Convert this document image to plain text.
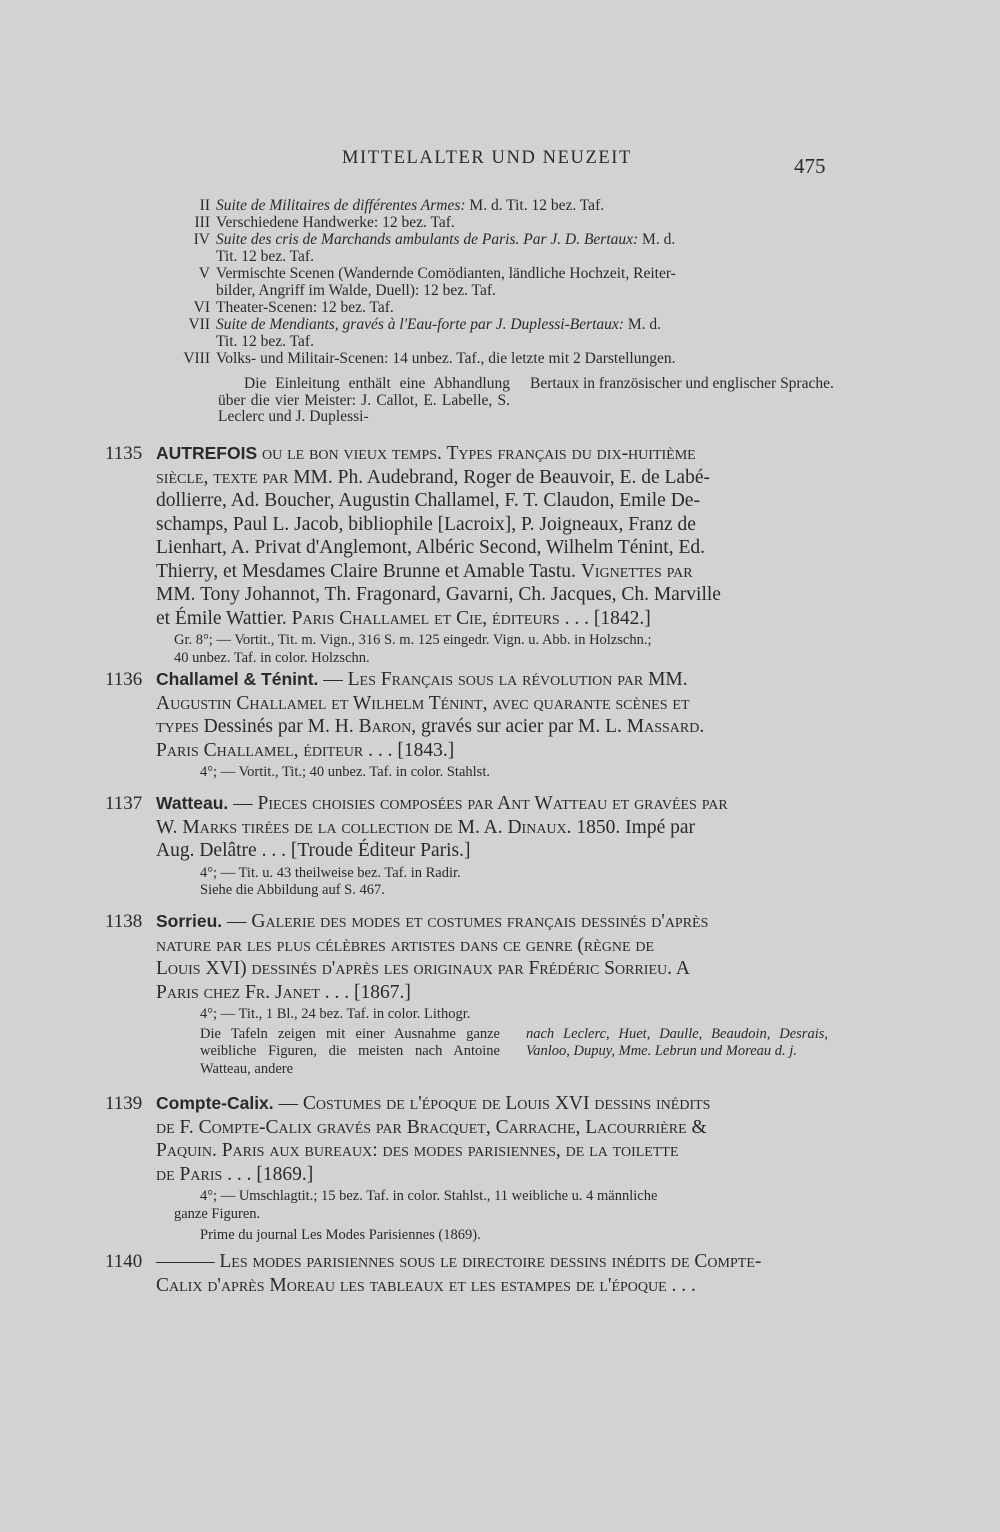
MITTELALTER UND NEUZEIT	475
II Suite de Militaires de différentes Armes: M. d. Tit. 12 bez. Taf.
III Verschiedene Handwerke: 12 bez. Taf.
IV Suite des cris de Marchands ambulants de Paris. Par J. D. Bertaux: M. d.
Tit. 12 bez. Taf.
V Vermischte Scenen (Wandernde Comödianten, ländliche Hochzeit, Reiter-
bilder, Angriff im Walde, Duell): 12 bez. Taf.
VI Theater-Scenen: 12 bez. Taf.
VII Suite de Mendiants, gravés à l'Eau-forte par J. Duplessi-Bertaux: M. d.
Tit. 12 bez. Taf.
VIII Volks- und Militair-Scenen: 14 unbez. Taf., die letzte mit 2 Darstellungen.
Die Einleitung enthält eine Abhandlung über die vier Meister: J. Callot, E. Labelle, S. Leclerc und J. Duplessi-
Bertaux in französischer und englischer Sprache.
1135 AUTREFOIS ou le bon vieux temps. Types français du dix-huitième
siècle, texte par MM. Ph. Audebrand, Roger de Beauvoir, E. de Labé-
dollierre, Ad. Boucher, Augustin Challamel, F. T. Claudon, Emile De-
schamps, Paul L. Jacob, bibliophile [Lacroix], P. Joigneaux, Franz de
Lienhart, A. Privat d'Anglemont, Albéric Second, Wilhelm Ténint, Ed.
Thierry, et Mesdames Claire Brunne et Amable Tastu. Vignettes par
MM. Tony Johannot, Th. Fragonard, Gavarni, Ch. Jacques, Ch. Marville
et Émile Wattier. Paris Challamel et Cie, éditeurs . . . [1842.]
Gr. 8°; — Vortit., Tit. m. Vign., 316 S. m. 125 eingedr. Vign. u. Abb. in Holzschn.;
40 unbez. Taf. in color. Holzschn.
1136 Challamel & Ténint. — Les Français sous la révolution par MM.
Augustin Challamel et Wilhelm Ténint, avec quarante scènes et
types Dessinés par M. H. Baron, gravés sur acier par M. L. Massard.
Paris Challamel, éditeur . . . [1843.]
4°; — Vortit., Tit.; 40 unbez. Taf. in color. Stahlst.
1137 Watteau. — Pieces choisies composées par Ant Watteau et gravées par
W. Marks tirées de la collection de M. A. Dinaux. 1850. Impé par
Aug. Delâtre . . . [Troude Éditeur Paris.]
4°; — Tit. u. 43 theilweise bez. Taf. in Radir.
Siehe die Abbildung auf S. 467.
1138 Sorrieu. — Galerie des modes et costumes français dessinés d'après
nature par les plus célèbres artistes dans ce genre (règne de
Louis XVI) dessinés d'après les originaux par Frédéric Sorrieu. A
Paris chez Fr. Janet . . . [1867.]
4°; — Tit., 1 Bl., 24 bez. Taf. in color. Lithogr.
Die Tafeln zeigen mit einer Ausnahme ganze weibliche Figuren, die meisten nach Antoine Watteau, andere
nach Leclerc, Huet, Daulle, Beaudoin, Desrais, Vanloo, Dupuy, Mme. Lebrun und Moreau d. j.
1139 Compte-Calix. — Costumes de l'époque de Louis XVI dessins inédits
de F. Compte-Calix gravés par Bracquet, Carrache, Lacourrière &
Paquin. Paris aux bureaux: des modes parisiennes, de la toilette
de Paris . . . [1869.]
4°; — Umschlagtit.; 15 bez. Taf. in color. Stahlst., 11 weibliche u. 4 männliche
ganze Figuren.
Prime du journal Les Modes Parisiennes (1869).
1140 ——— Les modes parisiennes sous le directoire dessins inédits de Compte-
Calix d'après Moreau les tableaux et les estampes de l'époque . . .
